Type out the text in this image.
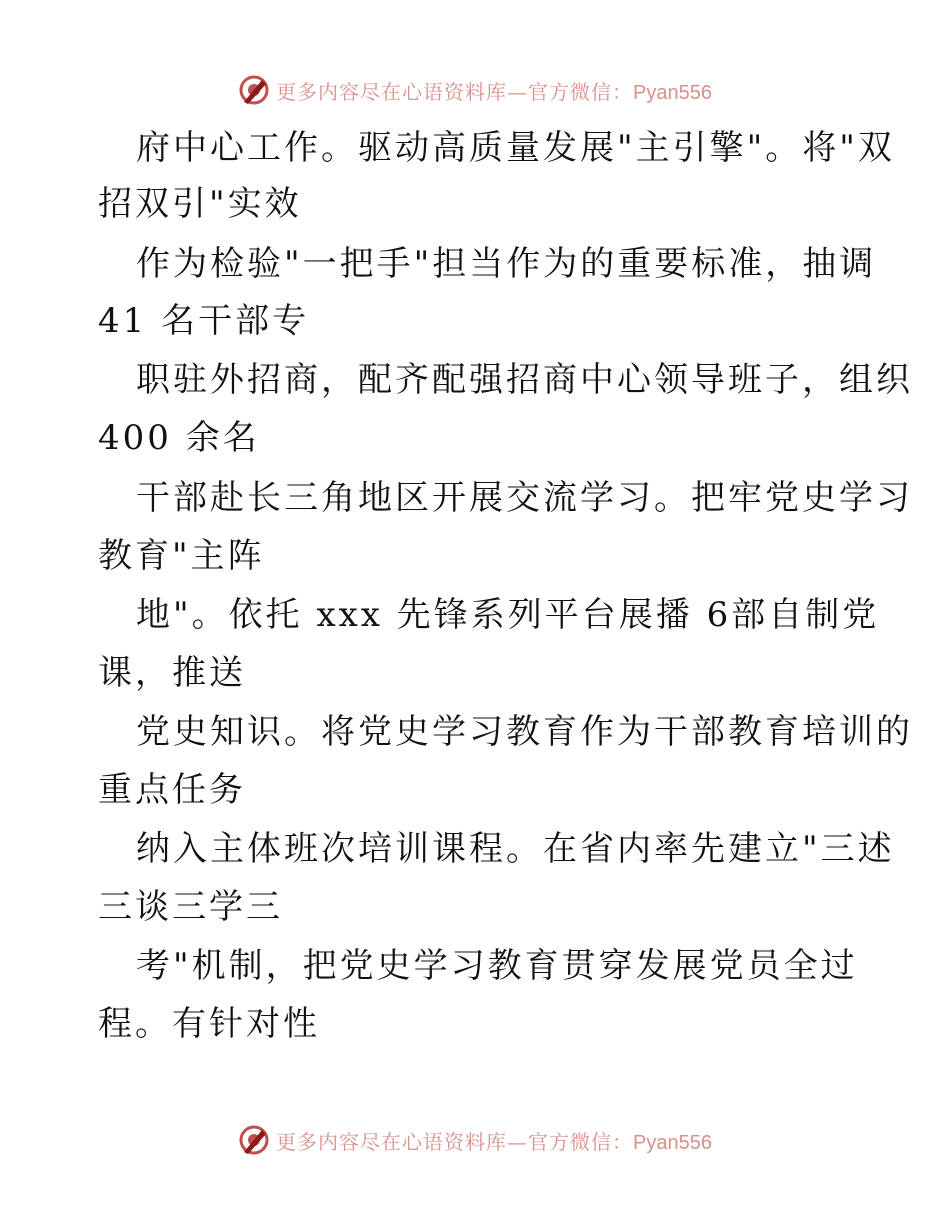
更多内容尽在心语资料库—官方微信：Pyan556
府中心工作。驱动高质量发展"主引擎"。将"双
招双引"实效
作为检验"一把手"担当作为的重要标准，抽调
41 名干部专
职驻外招商，配齐配强招商中心领导班子，组织
400 余名
干部赴长三角地区开展交流学习。把牢党史学习
教育"主阵
地"。依托 xxx 先锋系列平台展播 6部自制党
课，推送
党史知识。将党史学习教育作为干部教育培训的
重点任务
纳入主体班次培训课程。在省内率先建立"三述
三谈三学三
考"机制，把党史学习教育贯穿发展党员全过
程。有针对性
更多内容尽在心语资料库—官方微信：Pyan556
